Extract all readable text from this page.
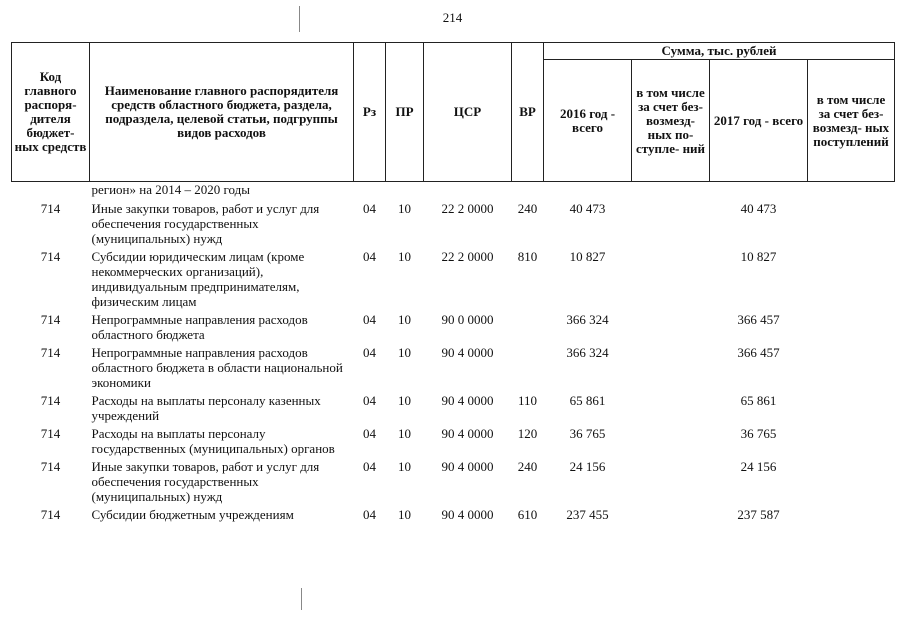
214
Код главного распоря- дителя бюджет- ных средств	Наименование главного распорядителя средств областного бюджета, раздела, подраздела, целевой статьи, подгруппы видов расходов	Рз	ПР	ЦСР	ВР	Сумма, тыс. рублей			
						2016 год - всего	в том числе за счет без- возмезд- ных по- ступле- ний	2017 год - всего	в том числе за счет без- возмезд- ных поступлений
	регион» на 2014 – 2020 годы								
714	Иные закупки товаров, работ и услуг для обеспечения государственных (муниципальных) нужд	04	10	22 2 0000	240	40 473		40 473	
714	Субсидии юридическим лицам (кроме некоммерческих организаций), индивидуальным предпринимателям, физическим лицам	04	10	22 2 0000	810	10 827		10 827	
714	Непрограммные направления расходов областного бюджета	04	10	90 0 0000		366 324		366 457	
714	Непрограммные направления расходов областного бюджета в области национальной экономики	04	10	90 4 0000		366 324		366 457	
714	Расходы на выплаты персоналу казенных учреждений	04	10	90 4 0000	110	65 861		65 861	
714	Расходы на выплаты персоналу государственных (муниципальных) органов	04	10	90 4 0000	120	36 765		36 765	
714	Иные закупки товаров, работ и услуг для обеспечения государственных (муниципальных) нужд	04	10	90 4 0000	240	24 156		24 156	
714	Субсидии бюджетным учреждениям	04	10	90 4 0000	610	237 455		237 587	
